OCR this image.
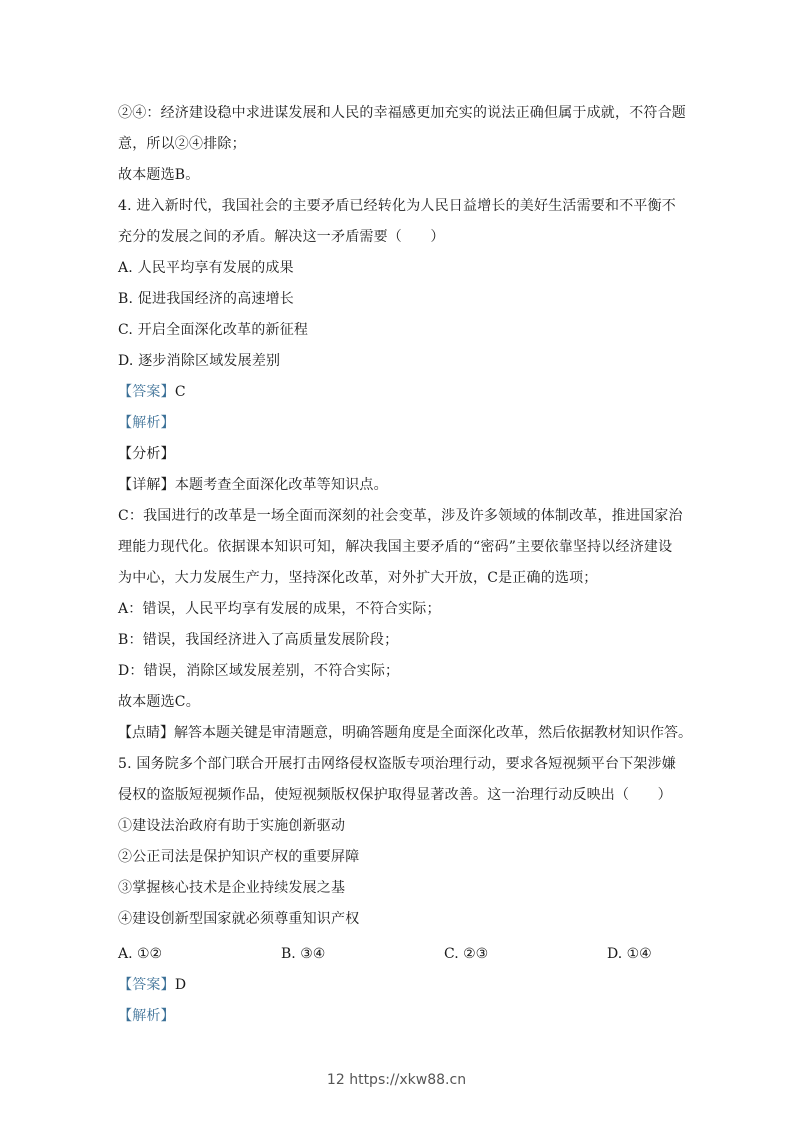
②④：经济建设稳中求进谋发展和人民的幸福感更加充实的说法正确但属于成就，不符合题
意，所以②④排除；
故本题选B。
4. 进入新时代，我国社会的主要矛盾已经转化为人民日益增长的美好生活需要和不平衡不
充分的发展之间的矛盾。解决这一矛盾需要（　　）
A. 人民平均享有发展的成果
B. 促进我国经济的高速增长
C. 开启全面深化改革的新征程
D. 逐步消除区域发展差别
【答案】C
【解析】
【分析】
【详解】本题考查全面深化改革等知识点。
C：我国进行的改革是一场全面而深刻的社会变革，涉及许多领域的体制改革，推进国家治
理能力现代化。依据课本知识可知，解决我国主要矛盾的“密码”主要依靠坚持以经济建设
为中心，大力发展生产力，坚持深化改革，对外扩大开放，C是正确的选项；
A：错误，人民平均享有发展的成果，不符合实际；
B：错误，我国经济进入了高质量发展阶段；
D：错误，消除区域发展差别，不符合实际；
故本题选C。
【点睛】解答本题关键是审清题意，明确答题角度是全面深化改革，然后依据教材知识作答。
5. 国务院多个部门联合开展打击网络侵权盗版专项治理行动，要求各短视频平台下架涉嫌
侵权的盗版短视频作品，使短视频版权保护取得显著改善。这一治理行动反映出（　　）
①建设法治政府有助于实施创新驱动
②公正司法是保护知识产权的重要屏障
③掌握核心技术是企业持续发展之基
④建设创新型国家就必须尊重知识产权
A. ①②	B. ③④	C. ②③	D. ①④
【答案】D
【解析】
12 https://xkw88.cn
